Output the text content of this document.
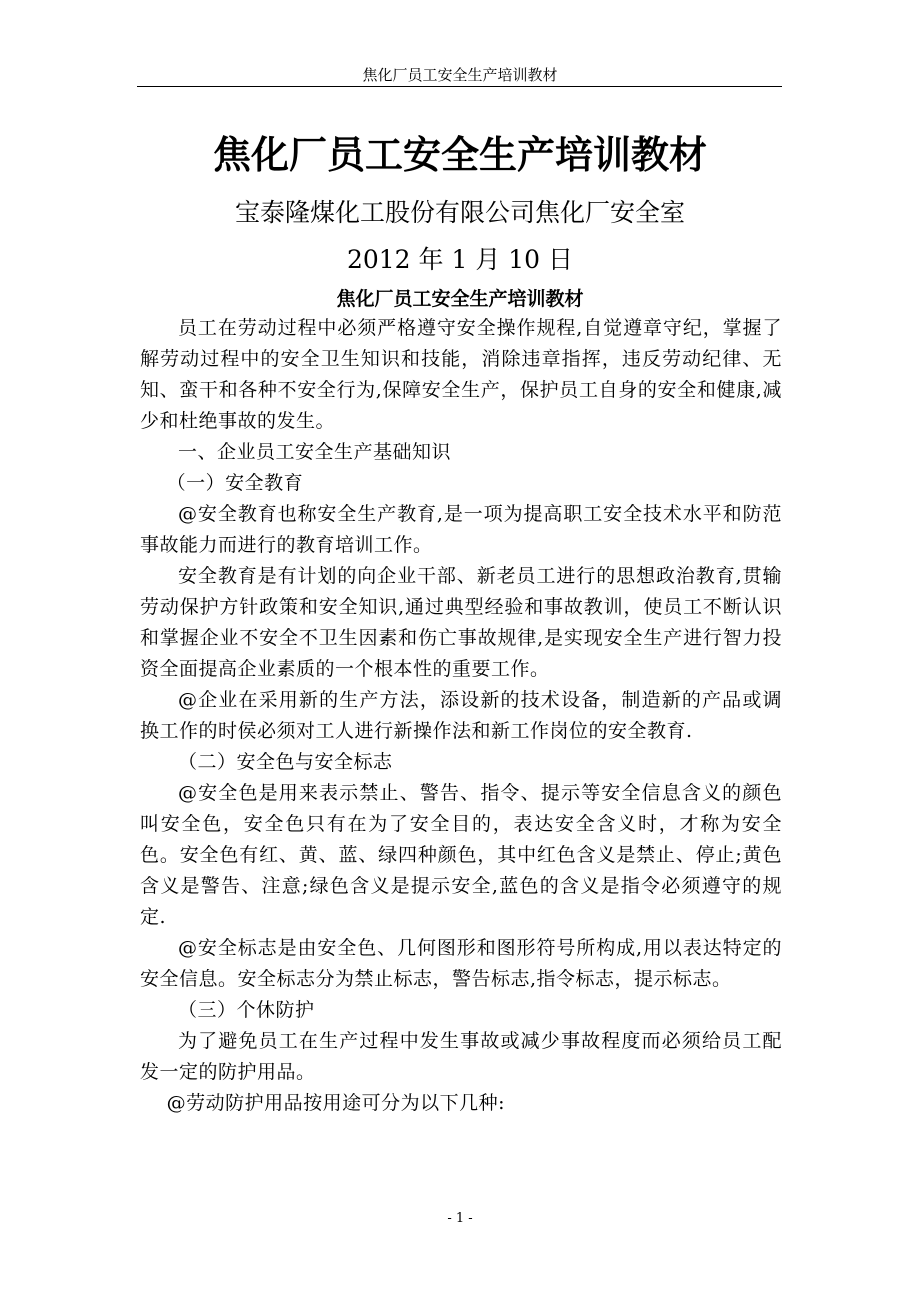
焦化厂员工安全生产培训教材
焦化厂员工安全生产培训教材
宝泰隆煤化工股份有限公司焦化厂安全室
2012 年 1 月 10 日
焦化厂员工安全生产培训教材

员工在劳动过程中必须严格遵守安全操作规程,自觉遵章守纪，掌握了解劳动过程中的安全卫生知识和技能，消除违章指挥，违反劳动纪律、无知、蛮干和各种不安全行为,保障安全生产，保护员工自身的安全和健康,减少和杜绝事故的发生。

一、企业员工安全生产基础知识

（一）安全教育

@安全教育也称安全生产教育,是一项为提高职工安全技术水平和防范事故能力而进行的教育培训工作。

安全教育是有计划的向企业干部、新老员工进行的思想政治教育,贯输劳动保护方针政策和安全知识,通过典型经验和事故教训，使员工不断认识和掌握企业不安全不卫生因素和伤亡事故规律,是实现安全生产进行智力投资全面提高企业素质的一个根本性的重要工作。

@企业在采用新的生产方法，添设新的技术设备，制造新的产品或调换工作的时侯必须对工人进行新操作法和新工作岗位的安全教育.

（二）安全色与安全标志

@安全色是用来表示禁止、警告、指令、提示等安全信息含义的颜色叫安全色，安全色只有在为了安全目的，表达安全含义时，才称为安全色。安全色有红、黄、蓝、绿四种颜色，其中红色含义是禁止、停止;黄色含义是警告、注意;绿色含义是提示安全,蓝色的含义是指令必须遵守的规定.

@安全标志是由安全色、几何图形和图形符号所构成,用以表达特定的安全信息。安全标志分为禁止标志，警告标志,指令标志，提示标志。

（三）个休防护

为了避免员工在生产过程中发生事故或减少事故程度而必须给员工配发一定的防护用品。

@劳动防护用品按用途可分为以下几种:

- 1 -
